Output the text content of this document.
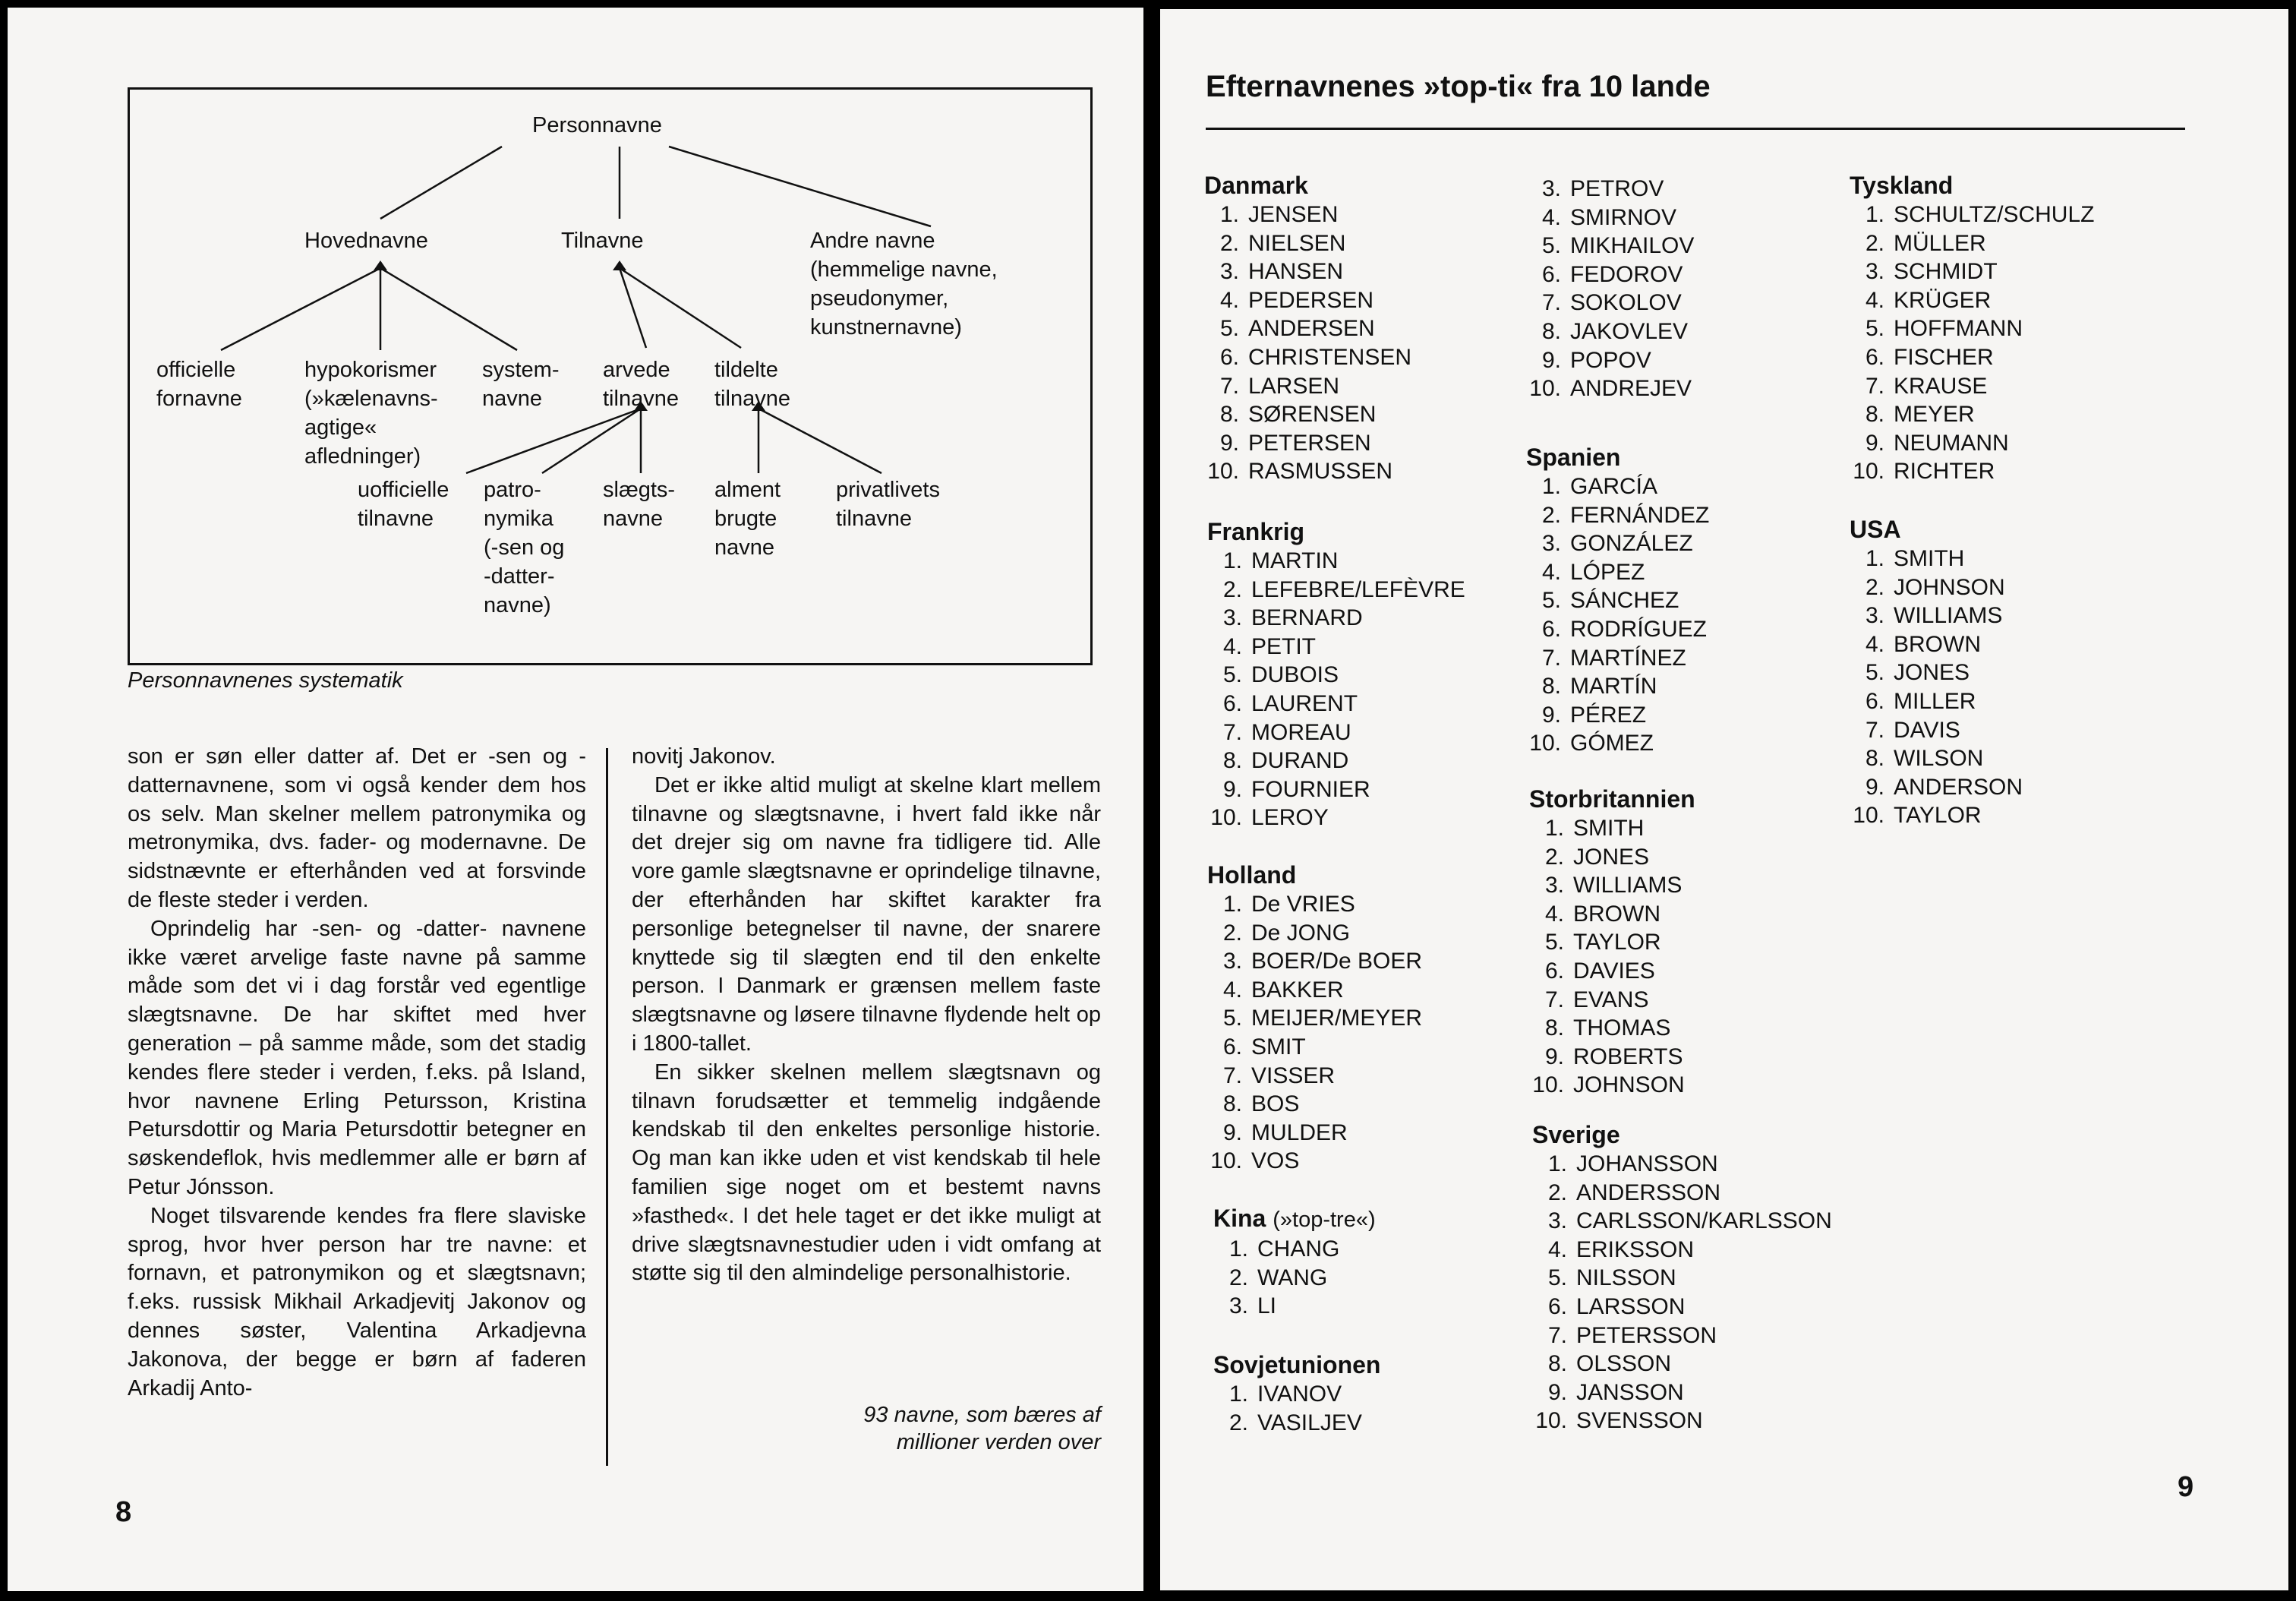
Personnavne
Hovednavne	Tilnavne	Andre navne
(hemmelige navne,
pseudonymer,
kunstnernavne)
officielle
fornavne
hypokorismer
(»kælenavns-
agtige«
afledninger)
system-
navne
arvede
tilnavne
tildelte
tilnavne
uofficielle
tilnavne
patro-
nymika
(-sen og
-datter-
navne)
slægts-
navne
alment
brugte
navne
privatlivets
tilnavne
Personnavnenes systematik

son er søn eller datter af. Det er -sen og -datternavnene, som vi også kender dem hos os selv. Man skelner mellem patronymika og metronymika, dvs. fader- og modernavne. De sidstnævnte er efterhånden ved at forsvinde de fleste steder i verden.

Oprindelig har -sen- og -datter- navnene ikke været arvelige faste navne på samme måde som det vi i dag forstår ved egentlige slægtsnavne. De har skiftet med hver generation – på samme måde, som det stadig kendes flere steder i verden, f.eks. på Island, hvor navnene Erling Petursson, Kristina Petursdottir og Maria Petursdottir betegner en søskendeflok, hvis medlemmer alle er børn af Petur Jónsson.

Noget tilsvarende kendes fra flere slaviske sprog, hvor hver person har tre navne: et fornavn, et patronymikon og et slægtsnavn; f.eks. russisk Mikhail Arkadjevitj Jakonov og dennes søster, Valentina Arkadjevna Jakonova, der begge er børn af faderen Arkadij Anto-

novitj Jakonov.

Det er ikke altid muligt at skelne klart mellem tilnavne og slægtsnavne, i hvert fald ikke når det drejer sig om navne fra tidligere tid. Alle vore gamle slægtsnavne er oprindelige tilnavne, der efterhånden har skiftet karakter fra personlige betegnelser til navne, der snarere knyttede sig til slægten end til den enkelte person. I Danmark er grænsen mellem faste slægtsnavne og løsere tilnavne flydende helt op i 1800-tallet.

En sikker skelnen mellem slægtsnavn og tilnavn forudsætter et temmelig indgående kendskab til den enkeltes personlige historie. Og man kan ikke uden et vist kendskab til hele familien sige noget om et bestemt navns »fasthed«. I det hele taget er det ikke muligt at drive slægtsnavnestudier uden i vidt omfang at støtte sig til den almindelige personalhistorie.

93 navne, som bæres af
millioner verden over
8
Efternavnenes »top-ti« fra 10 lande
Danmark
1. JENSEN
2. NIELSEN
3. HANSEN
4. PEDERSEN
5. ANDERSEN
6. CHRISTENSEN
7. LARSEN
8. SØRENSEN
9. PETERSEN
10. RASMUSSEN
Frankrig
1. MARTIN
2. LEFEBRE/LEFÈVRE
3. BERNARD
4. PETIT
5. DUBOIS
6. LAURENT
7. MOREAU
8. DURAND
9. FOURNIER
10. LEROY
Holland
1. De VRIES
2. De JONG
3. BOER/De BOER
4. BAKKER
5. MEIJER/MEYER
6. SMIT
7. VISSER
8. BOS
9. MULDER
10. VOS
Kina (»top-tre«)
1. CHANG
2. WANG
3. LI
Sovjetunionen
1. IVANOV
2. VASILJEV
3. PETROV
4. SMIRNOV
5. MIKHAILOV
6. FEDOROV
7. SOKOLOV
8. JAKOVLEV
9. POPOV
10. ANDREJEV
Spanien
1. GARCÍA
2. FERNÁNDEZ
3. GONZÁLEZ
4. LÓPEZ
5. SÁNCHEZ
6. RODRÍGUEZ
7. MARTÍNEZ
8. MARTÍN
9. PÉREZ
10. GÓMEZ
Storbritannien
1. SMITH
2. JONES
3. WILLIAMS
4. BROWN
5. TAYLOR
6. DAVIES
7. EVANS
8. THOMAS
9. ROBERTS
10. JOHNSON
Sverige
1. JOHANSSON
2. ANDERSSON
3. CARLSSON/KARLSSON
4. ERIKSSON
5. NILSSON
6. LARSSON
7. PETERSSON
8. OLSSON
9. JANSSON
10. SVENSSON
Tyskland
1. SCHULTZ/SCHULZ
2. MÜLLER
3. SCHMIDT
4. KRÜGER
5. HOFFMANN
6. FISCHER
7. KRAUSE
8. MEYER
9. NEUMANN
10. RICHTER
USA
1. SMITH
2. JOHNSON
3. WILLIAMS
4. BROWN
5. JONES
6. MILLER
7. DAVIS
8. WILSON
9. ANDERSON
10. TAYLOR
9
